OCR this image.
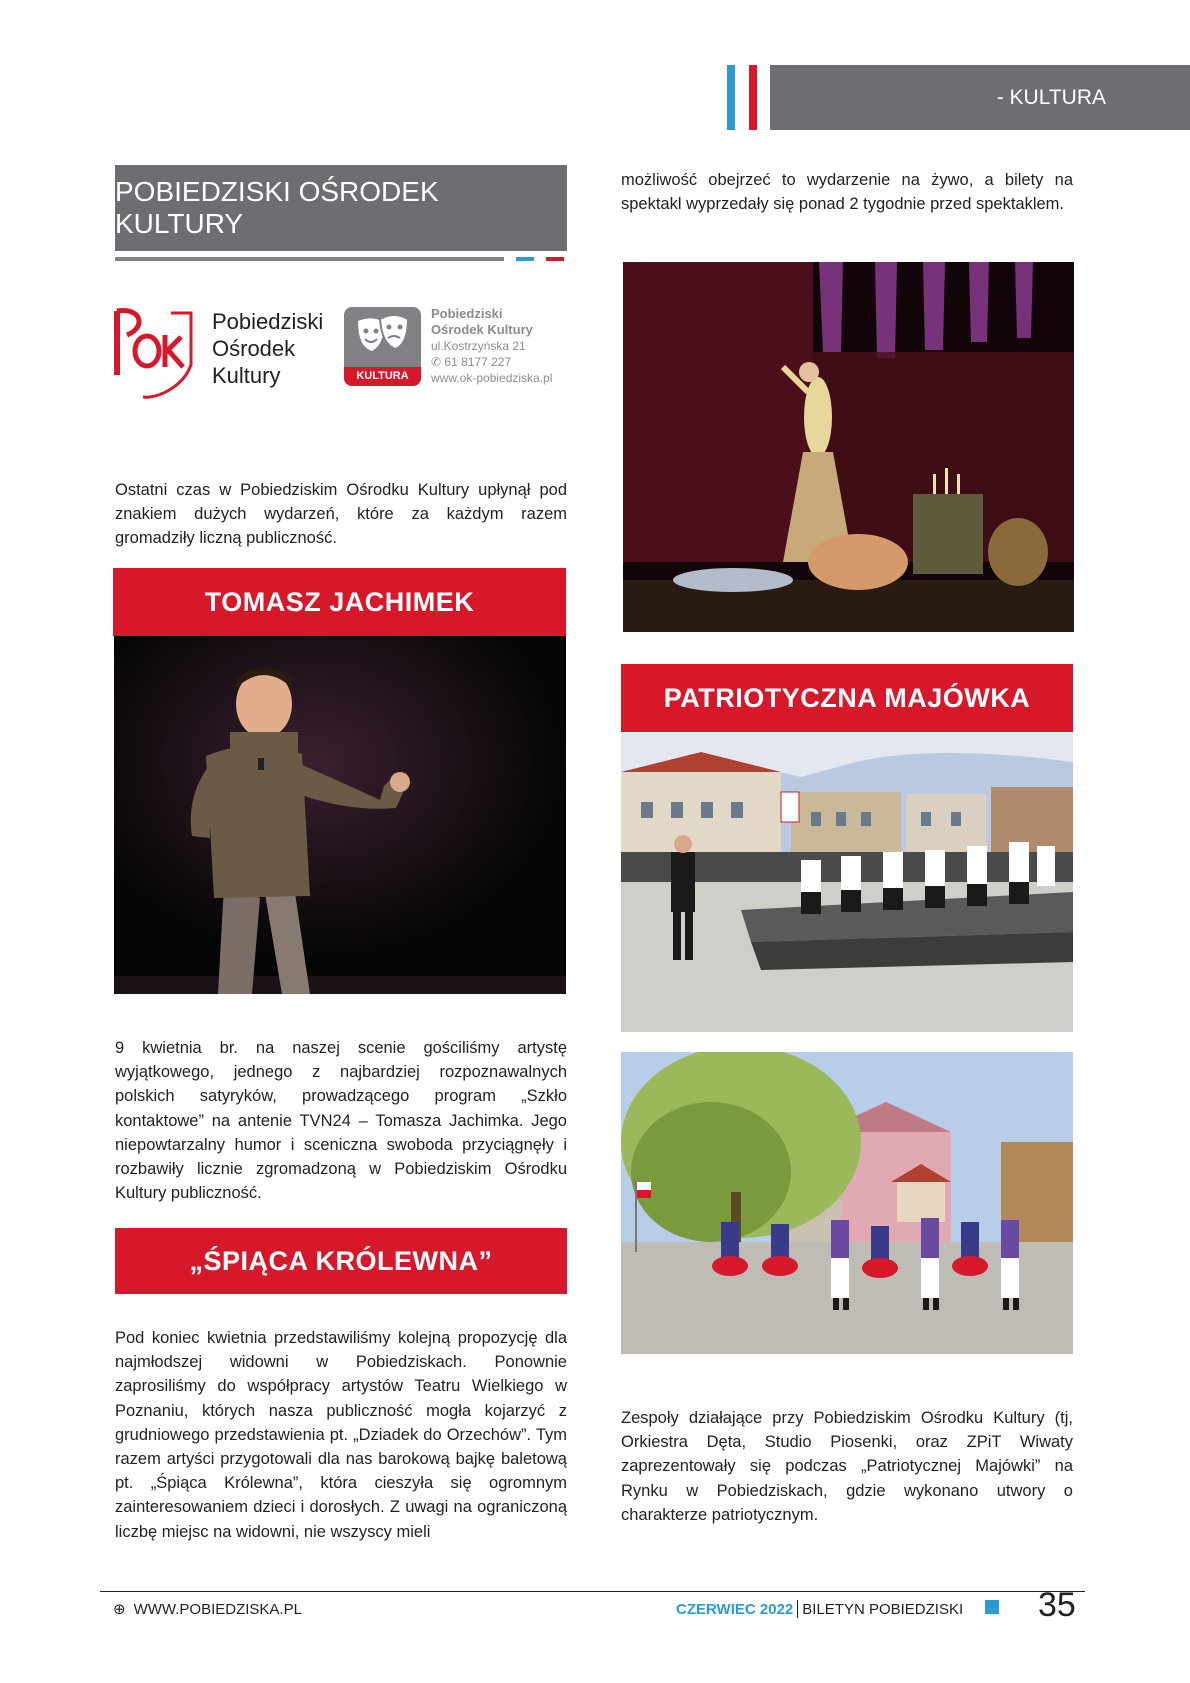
- KULTURA
POBIEDZISKI OŚRODEK KULTURY
Pobiedziski
Ośrodek
Kultury	KULTURA
Pobiedziski
Ośrodek Kultury
ul.Kostrzyńska 21
✆ 61 8177 227
www.ok-pobiedziska.pl
Ostatni czas w Pobiedziskim Ośrodku Kultury upłynął pod znakiem dużych wydarzeń, które za każdym razem gromadziły liczną publiczność.
TOMASZ JACHIMEK
9 kwietnia br. na naszej scenie gościliśmy artystę wyjątkowego, jednego z najbardziej rozpoznawalnych polskich satyryków, prowadzącego program „Szkło kontaktowe” na antenie TVN24 – Tomasza Jachimka. Jego niepowtarzalny humor i sceniczna swoboda przyciągnęły i rozbawiły licznie zgromadzoną w Pobiedziskim Ośrodku Kultury publiczność.
„ŚPIĄCA KRÓLEWNA”
Pod koniec kwietnia przedstawiliśmy kolejną propozycję dla najmłodszej widowni w Pobiedziskach. Ponownie zaprosiliśmy do współpracy artystów Teatru Wielkiego w Poznaniu, których nasza publiczność mogła kojarzyć z grudniowego przedstawienia pt. „Dziadek do Orzechów”. Tym razem artyści przygotowali dla nas barokową bajkę baletową pt. „Śpiąca Królewna”, która cieszyła się ogromnym zainteresowaniem dzieci i dorosłych. Z uwagi na ograniczoną liczbę miejsc na widowni, nie wszyscy mieli
możliwość obejrzeć to wydarzenie na żywo, a bilety na spektakl wyprzedały się ponad 2 tygodnie przed spektaklem.
PATRIOTYCZNA MAJÓWKA
Zespoły działające przy Pobiedziskim Ośrodku Kultury (tj, Orkiestra Dęta, Studio Piosenki, oraz ZPiT Wiwaty zaprezentowały się podczas „Patriotycznej Majówki” na Rynku w Pobiedziskach, gdzie wykonano utwory o charakterze patriotycznym.
⊕ WWW.POBIEDZISKA.PL	CZERWIEC 2022 BILETYN POBIEDZISKI 35
